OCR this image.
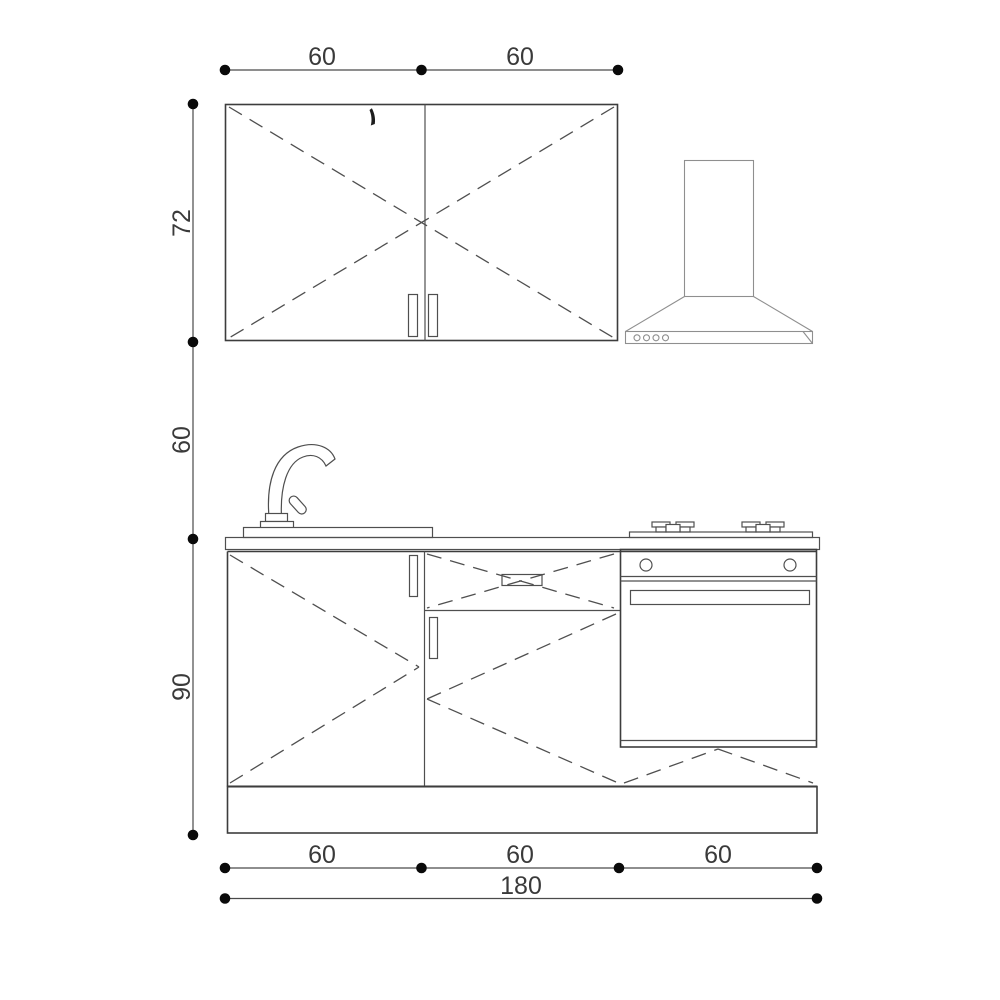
60	60
72
60
90
60	60	60
180
